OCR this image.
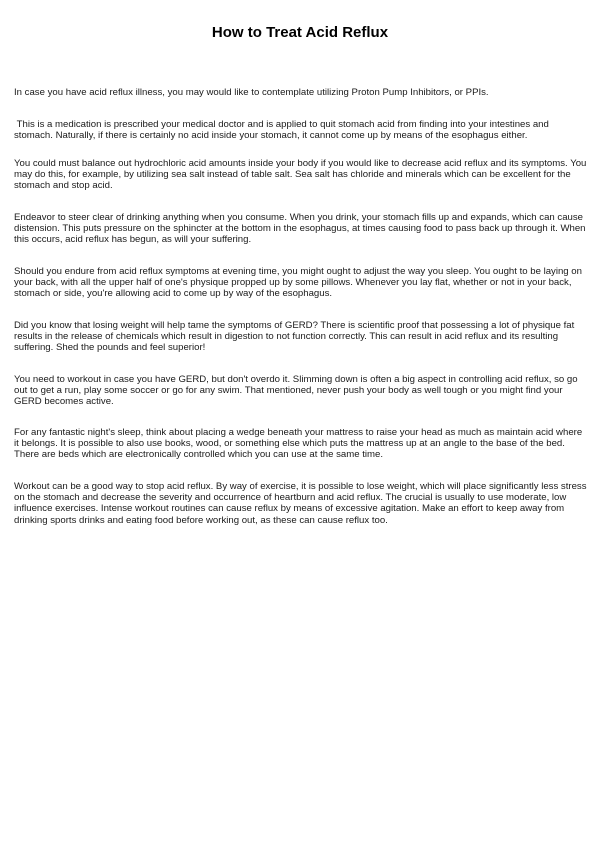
How to Treat Acid Reflux

In case you have acid reflux illness, you may would like to contemplate utilizing Proton Pump Inhibitors, or PPIs.

This is a medication is prescribed your medical doctor and is applied to quit stomach acid from finding into your intestines and stomach. Naturally, if there is certainly no acid inside your stomach, it cannot come up by means of the esophagus either.

You could must balance out hydrochloric acid amounts inside your body if you would like to decrease acid reflux and its symptoms. You may do this, for example, by utilizing sea salt instead of table salt. Sea salt has chloride and minerals which can be excellent for the stomach and stop acid.

Endeavor to steer clear of drinking anything when you consume. When you drink, your stomach fills up and expands, which can cause distension. This puts pressure on the sphincter at the bottom in the esophagus, at times causing food to pass back up through it. When this occurs, acid reflux has begun, as will your suffering.

Should you endure from acid reflux symptoms at evening time, you might ought to adjust the way you sleep. You ought to be laying on your back, with all the upper half of one's physique propped up by some pillows. Whenever you lay flat, whether or not in your back, stomach or side, you're allowing acid to come up by way of the esophagus.

Did you know that losing weight will help tame the symptoms of GERD? There is scientific proof that possessing a lot of physique fat results in the release of chemicals which result in digestion to not function correctly. This can result in acid reflux and its resulting suffering. Shed the pounds and feel superior!

You need to workout in case you have GERD, but don't overdo it. Slimming down is often a big aspect in controlling acid reflux, so go out to get a run, play some soccer or go for any swim. That mentioned, never push your body as well tough or you might find your GERD becomes active.

For any fantastic night's sleep, think about placing a wedge beneath your mattress to raise your head as much as maintain acid where it belongs. It is possible to also use books, wood, or something else which puts the mattress up at an angle to the base of the bed. There are beds which are electronically controlled which you can use at the same time.

Workout can be a good way to stop acid reflux. By way of exercise, it is possible to lose weight, which will place significantly less stress on the stomach and decrease the severity and occurrence of heartburn and acid reflux. The crucial is usually to use moderate, low influence exercises. Intense workout routines can cause reflux by means of excessive agitation. Make an effort to keep away from drinking sports drinks and eating food before working out, as these can cause reflux too.
